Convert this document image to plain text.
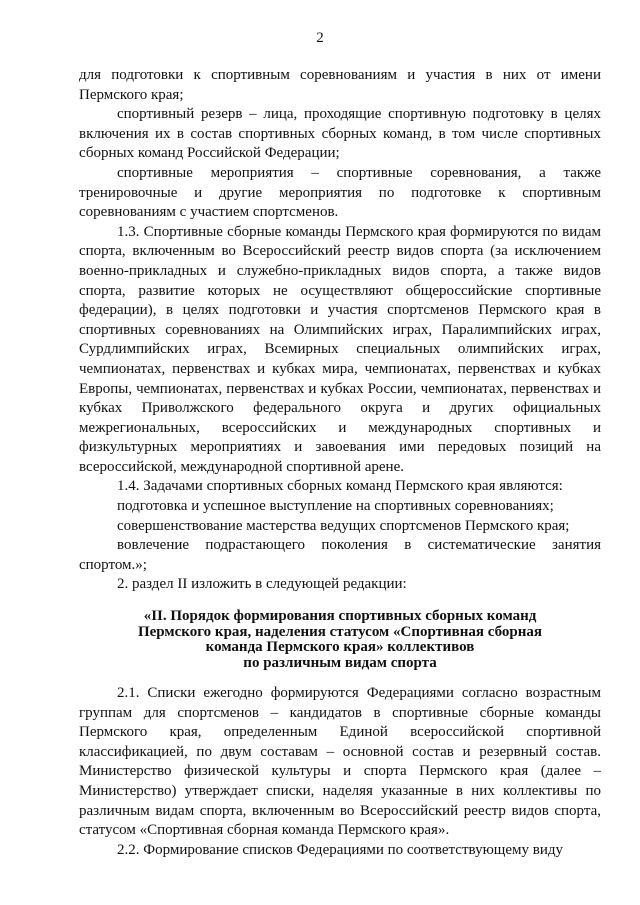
2

для подготовки к спортивным соревнованиям и участия в них от имени Пермского края;

спортивный резерв – лица, проходящие спортивную подготовку в целях включения их в состав спортивных сборных команд, в том числе спортивных сборных команд Российской Федерации;

спортивные мероприятия – спортивные соревнования, а также тренировочные и другие мероприятия по подготовке к спортивным соревнованиям с участием спортсменов.

1.3. Спортивные сборные команды Пермского края формируются по видам спорта, включенным во Всероссийский реестр видов спорта (за исключением военно-прикладных и служебно-прикладных видов спорта, а также видов спорта, развитие которых не осуществляют общероссийские спортивные федерации), в целях подготовки и участия спортсменов Пермского края в спортивных соревнованиях на Олимпийских играх, Паралимпийских играх, Сурдлимпийских играх, Всемирных специальных олимпийских играх, чемпионатах, первенствах и кубках мира, чемпионатах, первенствах и кубках Европы, чемпионатах, первенствах и кубках России, чемпионатах, первенствах и кубках Приволжского федерального округа и других официальных межрегиональных, всероссийских и международных спортивных и физкультурных мероприятиях и завоевания ими передовых позиций на всероссийской, международной спортивной арене.

1.4. Задачами спортивных сборных команд Пермского края являются:

подготовка и успешное выступление на спортивных соревнованиях;

совершенствование мастерства ведущих спортсменов Пермского края;

вовлечение подрастающего поколения в систематические занятия спортом.»;

2. раздел II изложить в следующей редакции:

«II. Порядок формирования спортивных сборных команд
Пермского края, наделения статусом «Спортивная сборная
команда Пермского края» коллективов
по различным видам спорта

2.1. Списки ежегодно формируются Федерациями согласно возрастным группам для спортсменов – кандидатов в спортивные сборные команды Пермского края, определенным Единой всероссийской спортивной классификацией, по двум составам – основной состав и резервный состав. Министерство физической культуры и спорта Пермского края (далее – Министерство) утверждает списки, наделяя указанные в них коллективы по различным видам спорта, включенным во Всероссийский реестр видов спорта, статусом «Спортивная сборная команда Пермского края».

2.2. Формирование списков Федерациями по соответствующему виду
